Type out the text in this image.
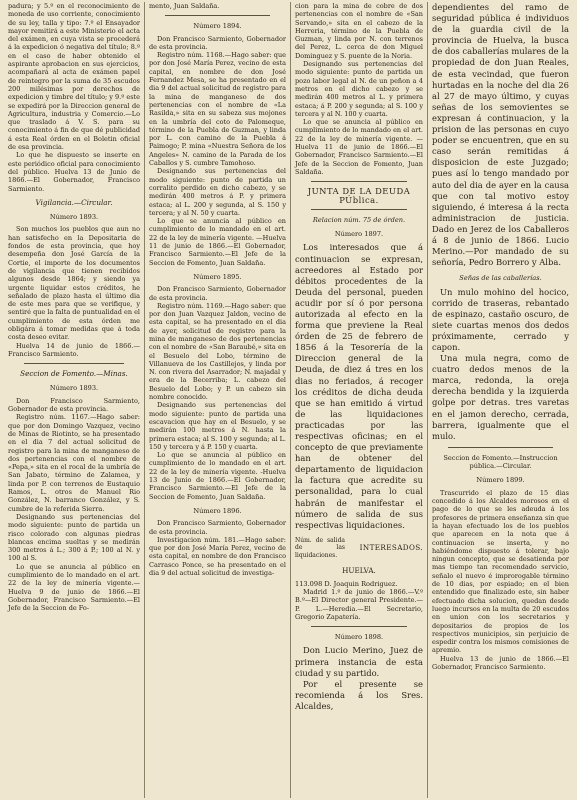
padura; y 5.º en el reconocimiento de moneda de uso corriente, conocimiento de su ley, talla y tipo: 7.º el Ensayador mayor remitirá a este Ministerio el acta del exámen, en cuya vista se procederá á la expedicion ó negativa del título; 8.º en el caso de haber obtenido el aspirante aprobacion en sus ejercicios, acompañará al acta de exámen papel de reintegro por la suma de 35 escudos 200 milésimas por derechos de expedicion y timbre del título; y 9.º este se expedirá por la Direccion general de Agricultura, industria y Comercio.—Lo que traslado á V. S. para su conocimiento á fin de que dé publicidad á esta Real órden en el Boletin oficial de esa provincia.

Lo que he dispuesto se inserte en este periódico oficial para conocimiento del público. Huelva 13 de Junio de 1866.—El Gobernador, Francisco Sarmiento.

Vigilancia.—Circular.
Número 1893.

Son muchos los pueblos que aun no han satisfecho en la Depositaria de fondos de esta provincia, que hoy desempeña don José García de la Cortie, el importe de los documentos de vigilancia que tienen recibidos algunos desde 1864; y siendo ya urgente liquidar estos créditos, he señalado de plazo hasta el último dia de este mes para que se verifique, y sentiré que la falta de puntualidad en el cumplimiento de esta órden me obligára á tomar medidas que á toda costa deseo evitar.

Huelva 14 de junio de 1866.—Francisco Sarmiento.

Seccion de Fomento.—Minas.
Número 1893.

Don Francisco Sarmiento, Gobernador de esta provincia.

Registro núm. 1167.—Hago saber: que por don Domingo Vazquez, vecino de Minas de Riotinto, se ha presentado en el dia 7 del actual solicitud de registro para la mina de manganeso de dos pertenencias con el nombre de «Pepa,» sita en el rocal de la umbría de San Jabato, término de Zalamea, y linda por P. con terrenos de Eustaquio Ramos, L. otros de Manuel Rio González, N. barranco González, y S. cumbre de la referida Sierra.

Designando sus pertenencias del modo siguiente: punto de partida un risco colorado con algunas piedras blancas encima sueltas y se medirán 300 metros á L.; 300 á P.; 100 al N. y 100 al S.

Lo que se anuncia al público en cumplimiento de lo mandado en el art. 22 de la ley de minería vigente.—Huelva 9 de junio de 1866.—El Gobernador, Francisco Sarmiento.—El Jefe de la Seccion de Fo-

mento, Juan Saldaña.

Número 1894.

Don Francisco Sarmiento, Gobernador de esta provincia.

Registro núm. 1168.—Hago saber: que por don José María Perez, vecino de esta capital, en nombre de don José Fernandez Mesa, se ha presentado en el dia 9 del actual solicitud de registro para la mina de manganeso de dos pertenencias con el nombre de «La Rasilda,» sita en su sabeza sus mojones en la umbría del coto de Palomeque, término de la Puebla de Guzman, y linda por L. con camino de la Puebla á Paimogo; P. mina «Nuestra Señora de los Angeles» N. camino de la Parada de los Caballos y S. cumbre Tamohoso.

Designando sus pertenencias del modo siguiente: punto de partida un corralito perdido en dicho cabezo, y se medirán 400 metros á P. y primera estaca; al L. 200 y segunda, al S. 150 y tercera; y al N. 50 y cuarta.

Lo que se anuncia al público en cumplimiento de lo mandado en el art. 22 de la ley de minería vigente. —Huelva 11 de junio de 1866.—El Gobernador, Francisco Sarmiento.—El Jefe de la Seccion de Fomento, Juan Saldaña.

Número 1895.

Don Francisco Sarmiento, Gobernador de esta provincia.

Registro núm. 1169.—Hago saber: que por don Juan Vazquez Jaldon, vecino de esta capital, se ha presentado en el dia de ayer, solicitud de registro para la mina de manganeso de dos pertenencias con el nombre de «San Baraubé,» sita en el Besuelo del Lobo, término de Villanueva de los Castillejos, y linda por N. con rivera del Asarrador; N. majadal y era de la Becerriba; L. cabezo del Besuelo del Lobo; y P. un cabezo sin nombre conocido.

Designando sus pertenencias del modo siguiente: punto de partida una escavacion que hay en el Besuelo, y se medirán 100 metros á N. hasta la primera estaca; al S. 100 y segunda; al L. 150 y tercera y á P. 150 y cuarta.

Lo que se anuncia al público en cumplimiento de lo mandado en el art. 22 de la ley de minería vigente. -Huelva 13 de Junio de 1866.—El Gobernador, Francisco Sarmiento.—El Jefe de la Seccion de Fomento, Juan Saldaña.

Número 1896.

Don Francisco Sarmiento, Gobernador de esta provincia.

Investigacion núm. 181.—Hago saber: que por don José María Perez, vecino de esta capital, en nombre de don Francisco Carrasco Ponce, se ha presentado en el dia 9 del actual solicitud de investiga-

cion para la mina de cobre de dos pertenencias con el nombre de «San Servando,» sita en el cabezo de la Herreria, término de la Puebla de Guzman, y linda por N. con terrenos del Perez, L. cerca de don Miguel Dominguez y S. puente de la Noria.

Designando sus pertenencias del modo siguiente: punto de partida un pozo labor legal al N. de un peñon a 4 metros en el dicho cabezo y se medirán 400 metros al L. y primera estaca; á P. 200 y segunda; al S. 100 y tercera y al N. 100 y cuarta.

Lo que se anuncia al público en cumplimiento de lo mandado en el art. 22 de la ley de minería vigente. —Huelva 11 de junio de 1866.—El Gobernador, Francisco Sarmiento.—El Jefe de la Seccion de Fomento, Juan Saldaña.

JUNTA DE LA DEUDA PÚblica.
Relacion núm. 75 de órden.
Número 1897.

Los interesados que á continuacion se expresan, acreedores al Estado por débitos procedentes de la Deuda del personal, pueden acudir por sí ó por persona autorizada al efecto en la forma que previene la Real órden de 25 de febrero de 1856 á la Tesorería de la Direccion general de la Deuda, de diez á tres en los dias no feriados, á recoger los créditos de dicha deuda que se han emitido á virtud de las liquidaciones practicadas por las respectivas oficinas; en el concepto de que previamente han de obtener del departamento de liquidacion la factura que acredite su personalidad, para lo cual habrán de manifestar el número de salida de sus respectivas liquidaciones.

Núm. de salida de las liquidaciones.
INTERESADOS.
HUELVA.

113.098 D. Joaquin Rodriguez.

Madrid 1.º de junio de 1866.—V.º B.º—El Director general Presidente.—P. L.—Heredia.—El Secretario, Gregorio Zapatería.

Número 1898.

Don Lucio Merino, Juez de primera instancia de esta ciudad y su partido.

Por el presente se recomienda á los Sres. Alcaldes,

dependientes del ramo de seguridad pública é individuos de la guardia civil de la provincia de Huelva, la busca de dos caballerías mulares de la propiedad de don Juan Reales, de esta vecindad, que fueron hurtadas en la noche del dia 26 al 27 de mayo último, y cuyas señas de los semovientes se expresan á continuacion, y la prision de las personas en cuyo poder se encuentren, que en su caso serán remitidas á disposicion de este Juzgado; pues así lo tengo mandado por auto del dia de ayer en la causa que con tal motivo estoy siguiendo, é interesa á la recta administracion de justicia. Dado en Jerez de los Caballeros á 8 de junio de 1866. Lucio Merino.—Por mandado de su señoría, Pedro Borrero y Alba.

Señas de las caballerías.

Un mulo mohino del hocico, corrido de traseras, rebantado de espinazo, castaño oscuro, de siete cuartas menos dos dedos próximamente, cerrado y capon.

Una mula negra, como de cuatro dedos menos de la marca, redonda, la oreja derecha bendida y la izquierda golpe por detras. tres varetas en el jamon derecho, cerrada, barrera, igualmente que el mulo.

Seccion de Fomento.—Instruccion pública.—Circular.
Número 1899.

Trascurrido el plazo de 15 dias concedido á los Alcaldes morosos en el pago de lo que se les adeuda á los profesores de primera enseñanza sin que la hayan efectuado los de los pueblos que aparecen en la nota que á continuacion se inserta, y no habiéndome dispuesto á tolerar, bajo ningun concepto, que se desatienda por mas tiempo tan recomendado servicio, señalo el nuevo é improrogable término de 10 dias, por espiado; en el bien entendido que finalizado este, sin haber efectuado dicha solucion, quedan desde luego incursos en la multa de 20 escudos en union con los secretarios y depositarios de propios de los respectivos municipios, sin perjuicio de espedir contra los mismos comisiones de apremio.

Huelva 13 de junio de 1866.—El Gobernador, Francisco Sarmiento.
